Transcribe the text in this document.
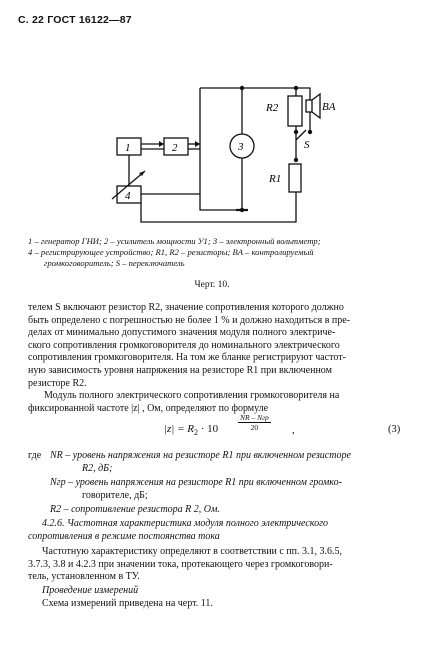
С. 22 ГОСТ 16122—87
1	2	3
4
R2	BA
S
R1
1 – генератор ГНИ; 2 – усилитель мощности У1; 3 – электронный вольтметр;
4 – регистрирующее устройство; R1, R2 – резисторы; BA – контролируемый
громкоговоритель; S – переключатель
Черт. 10.
телем S включают резистор R2, значение сопротивления которого должно
быть определено с погрешностью не более 1 % и должно находиться в пре-
делах от минимально допустимого значения модуля полного электриче-
ского сопротивления громкоговорителя до номинального электрического
сопротивления громкоговорителя. На том же бланке регистрируют частот-
ную зависимость уровня напряжения на резисторе R1 при включенном
резисторе R2.
Модуль полного электрического сопротивления громкоговорителя на
$|z| = R_2 \cdot 10$
NR – Nгр
20	,	(3)
где NR – уровень напряжения на резисторе R1 при включенном резисторе
R2, дБ;
Nгр – уровень напряжения на резисторе R1 при включенном громко-
говорителе, дБ;
R2 – сопротивление резистора R 2, Ом.
4.2.6. Частотная характеристика модуля полного электрического
сопротивления в режиме постоянства тока
Частотную характеристику определяют в соответствии с пп. 3.1, 3.6.5,
3.7.3, 3.8 и 4.2.3 при значении тока, протекающего через громкоговори-
тель, установленном в ТУ.
Проведение измерений
Схема измерений приведена на черт. 11.
фиксированной частоте |z| , Ом, определяют по формуле
